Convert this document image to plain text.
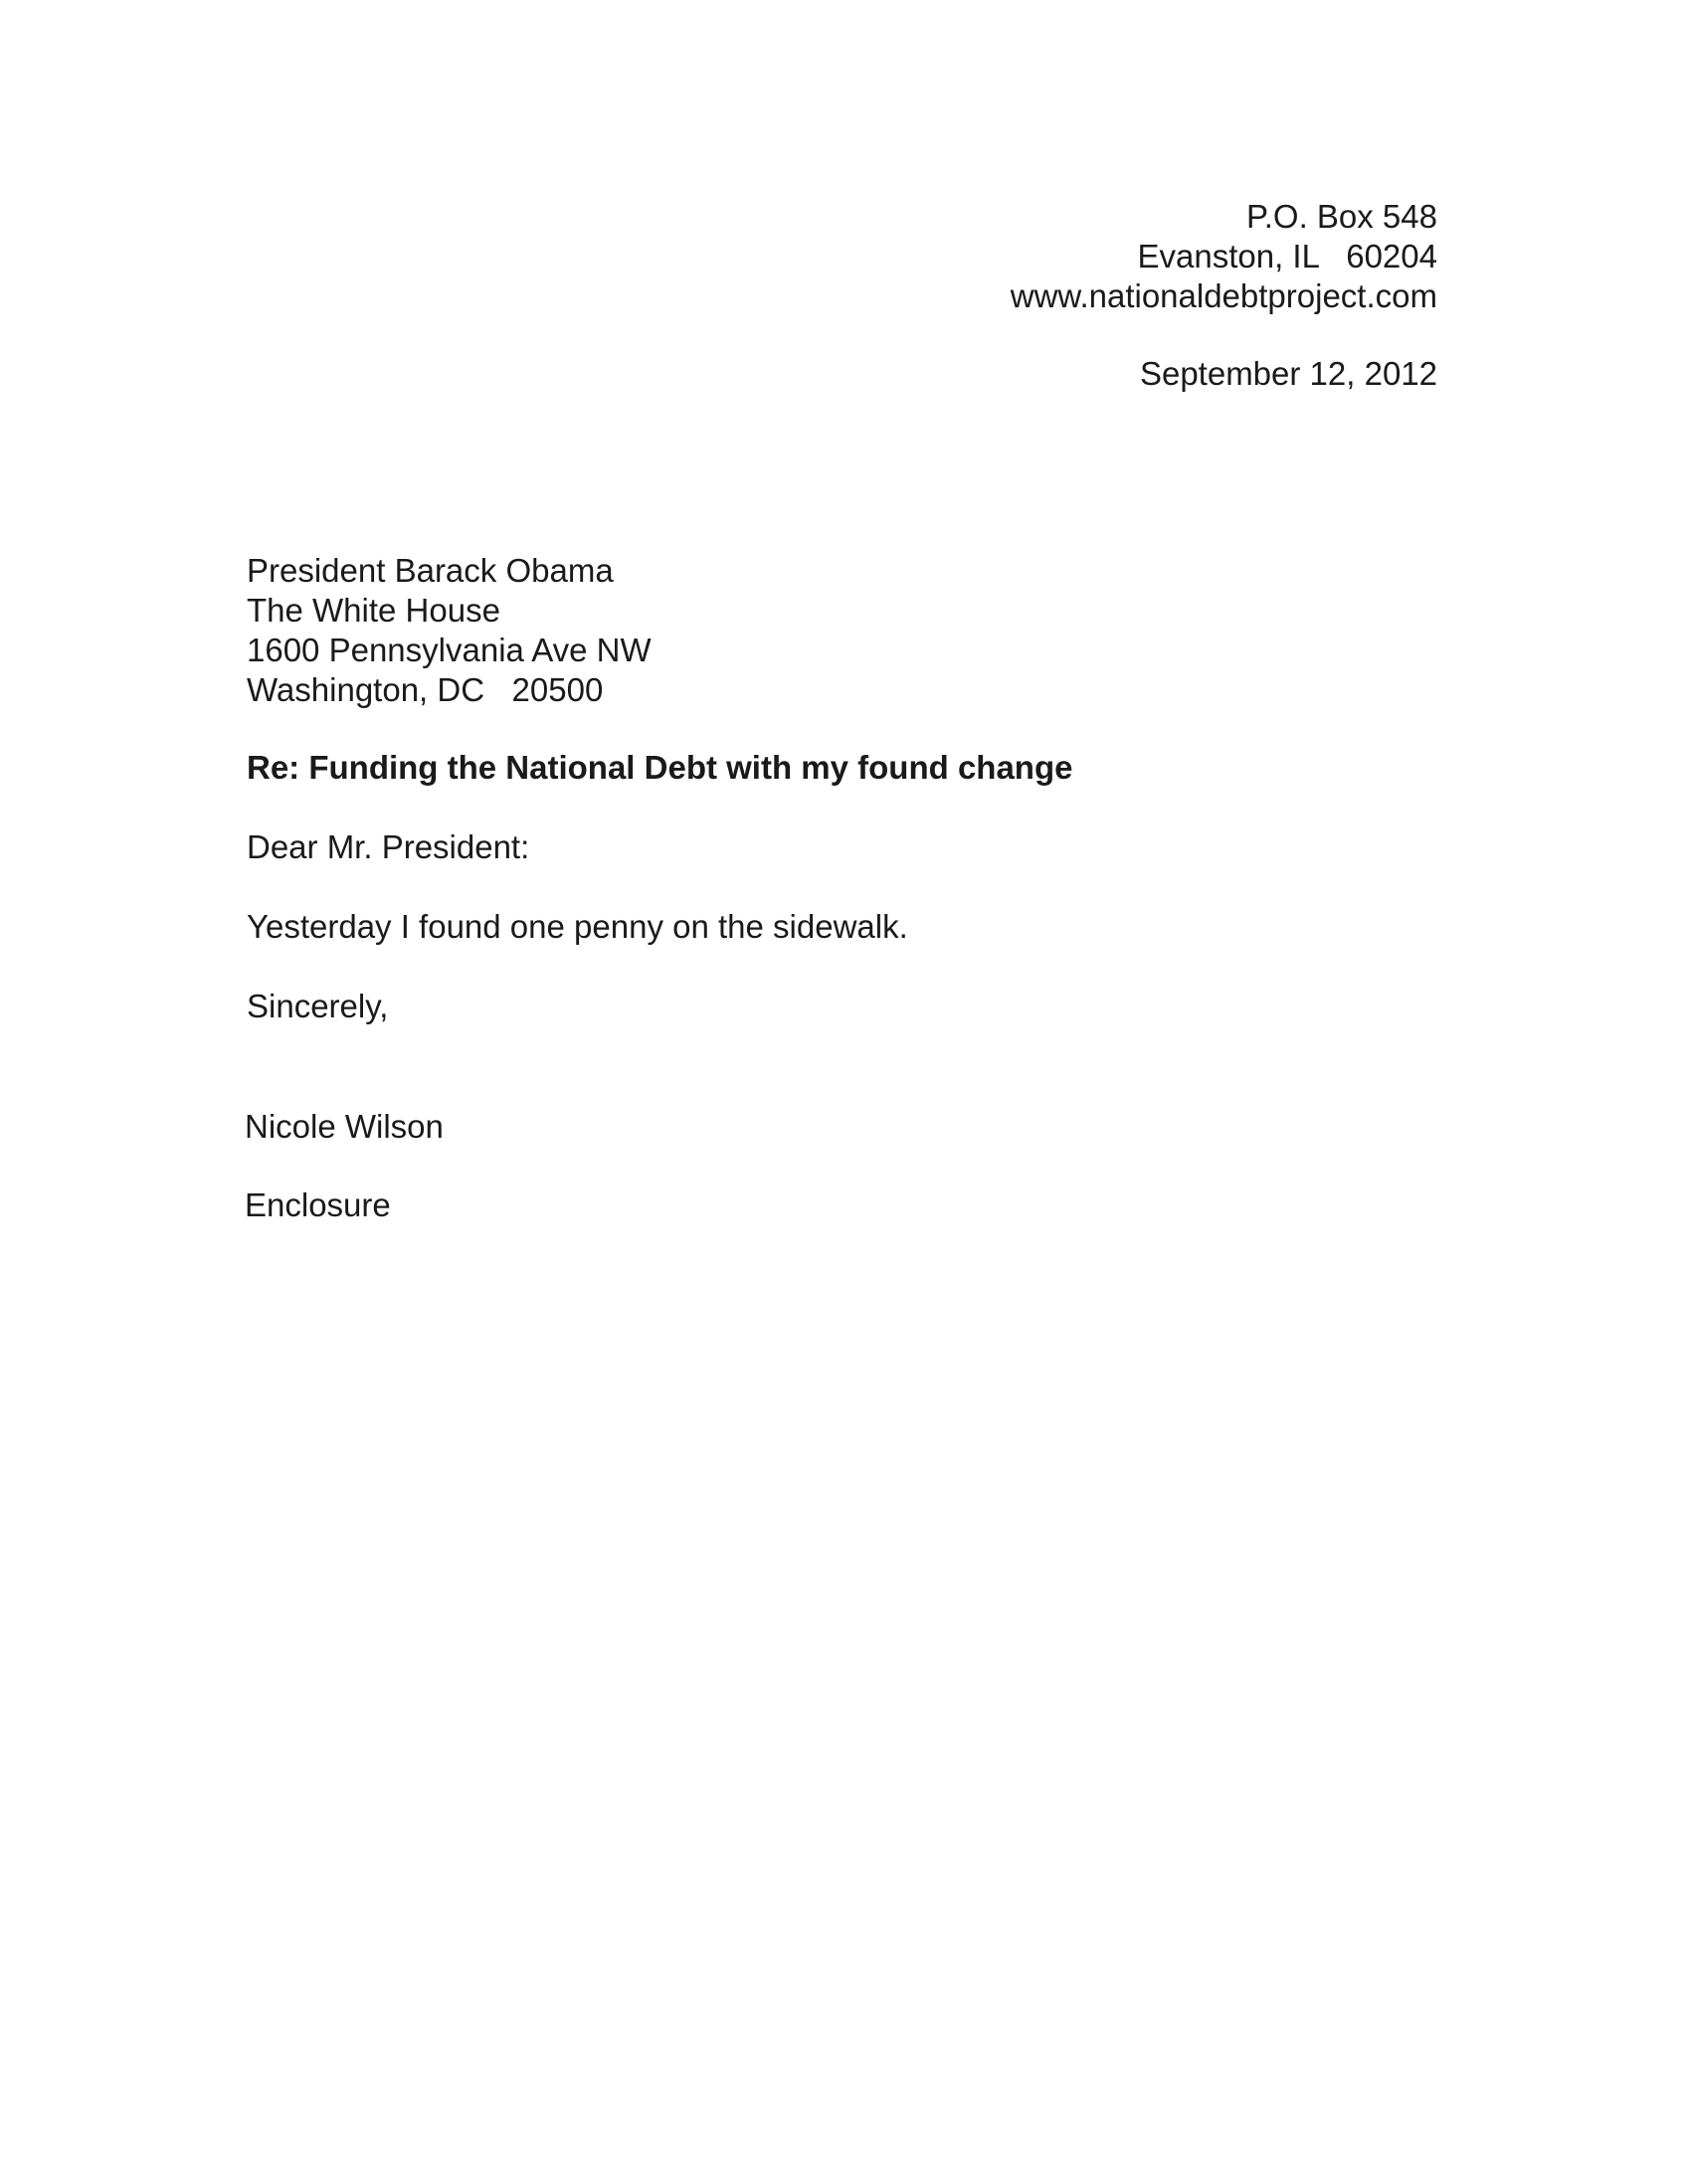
P.O. Box 548
Evanston, IL   60204
www.nationaldebtproject.com
September 12, 2012
President Barack Obama
The White House
1600 Pennsylvania Ave NW
Washington, DC   20500
Re: Funding the National Debt with my found change
Dear Mr. President:
Yesterday I found one penny on the sidewalk.
Sincerely,
Nicole Wilson
Enclosure
